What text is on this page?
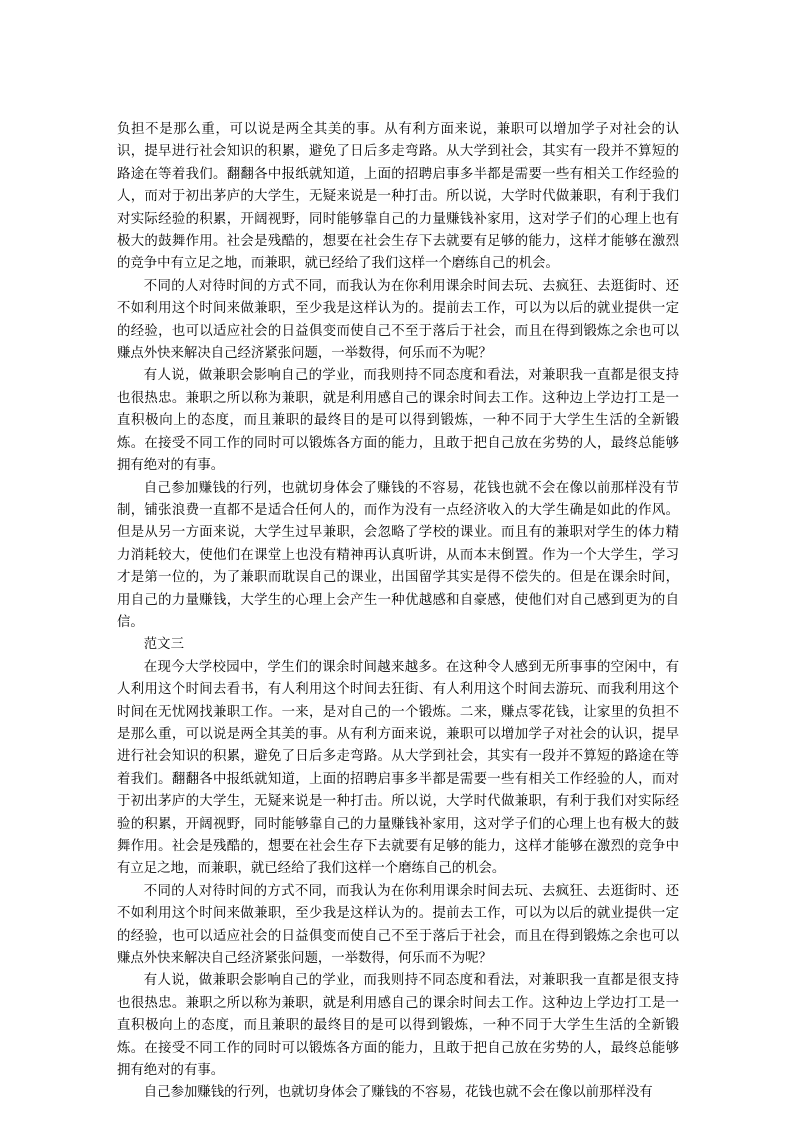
负担不是那么重，可以说是两全其美的事。从有利方面来说，兼职可以增加学子对社会的认识，提早进行社会知识的积累，避免了日后多走弯路。从大学到社会，其实有一段并不算短的路途在等着我们。翻翻各中报纸就知道，上面的招聘启事多半都是需要一些有相关工作经验的人，而对于初出茅庐的大学生，无疑来说是一种打击。所以说，大学时代做兼职，有利于我们对实际经验的积累，开阔视野，同时能够靠自己的力量赚钱补家用，这对学子们的心理上也有极大的鼓舞作用。社会是残酷的，想要在社会生存下去就要有足够的能力，这样才能够在激烈的竞争中有立足之地，而兼职，就已经给了我们这样一个磨练自己的机会。

不同的人对待时间的方式不同，而我认为在你利用课余时间去玩、去疯狂、去逛街时、还不如利用这个时间来做兼职，至少我是这样认为的。提前去工作，可以为以后的就业提供一定的经验，也可以适应社会的日益俱变而使自己不至于落后于社会，而且在得到锻炼之余也可以赚点外快来解决自己经济紧张问题，一举数得，何乐而不为呢？

有人说，做兼职会影响自己的学业，而我则持不同态度和看法，对兼职我一直都是很支持也很热忠。兼职之所以称为兼职，就是利用感自己的课余时间去工作。这种边上学边打工是一直积极向上的态度，而且兼职的最终目的是可以得到锻炼，一种不同于大学生生活的全新锻炼。在接受不同工作的同时可以锻炼各方面的能力，且敢于把自己放在劣势的人，最终总能够拥有绝对的有事。

自己参加赚钱的行列，也就切身体会了赚钱的不容易，花钱也就不会在像以前那样没有节制，铺张浪费一直都不是适合任何人的，而作为没有一点经济收入的大学生确是如此的作风。但是从另一方面来说，大学生过早兼职，会忽略了学校的课业。而且有的兼职对学生的体力精力消耗较大，使他们在课堂上也没有精神再认真听讲，从而本末倒置。作为一个大学生，学习才是第一位的，为了兼职而耽误自己的课业，出国留学其实是得不偿失的。但是在课余时间，用自己的力量赚钱，大学生的心理上会产生一种优越感和自豪感，使他们对自己感到更为的自信。

范文三

在现今大学校园中，学生们的课余时间越来越多。在这种令人感到无所事事的空闲中，有人利用这个时间去看书，有人利用这个时间去狂街、有人利用这个时间去游玩、而我利用这个时间在无忧网找兼职工作。一来，是对自己的一个锻炼。二来，赚点零花钱，让家里的负担不是那么重，可以说是两全其美的事。从有利方面来说，兼职可以增加学子对社会的认识，提早进行社会知识的积累，避免了日后多走弯路。从大学到社会，其实有一段并不算短的路途在等着我们。翻翻各中报纸就知道，上面的招聘启事多半都是需要一些有相关工作经验的人，而对于初出茅庐的大学生，无疑来说是一种打击。所以说，大学时代做兼职，有利于我们对实际经验的积累，开阔视野，同时能够靠自己的力量赚钱补家用，这对学子们的心理上也有极大的鼓舞作用。社会是残酷的，想要在社会生存下去就要有足够的能力，这样才能够在激烈的竞争中有立足之地，而兼职，就已经给了我们这样一个磨练自己的机会。

不同的人对待时间的方式不同，而我认为在你利用课余时间去玩、去疯狂、去逛街时、还不如利用这个时间来做兼职，至少我是这样认为的。提前去工作，可以为以后的就业提供一定的经验，也可以适应社会的日益俱变而使自己不至于落后于社会，而且在得到锻炼之余也可以赚点外快来解决自己经济紧张问题，一举数得，何乐而不为呢？

有人说，做兼职会影响自己的学业，而我则持不同态度和看法，对兼职我一直都是很支持也很热忠。兼职之所以称为兼职，就是利用感自己的课余时间去工作。这种边上学边打工是一直积极向上的态度，而且兼职的最终目的是可以得到锻炼，一种不同于大学生生活的全新锻炼。在接受不同工作的同时可以锻炼各方面的能力，且敢于把自己放在劣势的人，最终总能够拥有绝对的有事。

自己参加赚钱的行列，也就切身体会了赚钱的不容易，花钱也就不会在像以前那样没有
